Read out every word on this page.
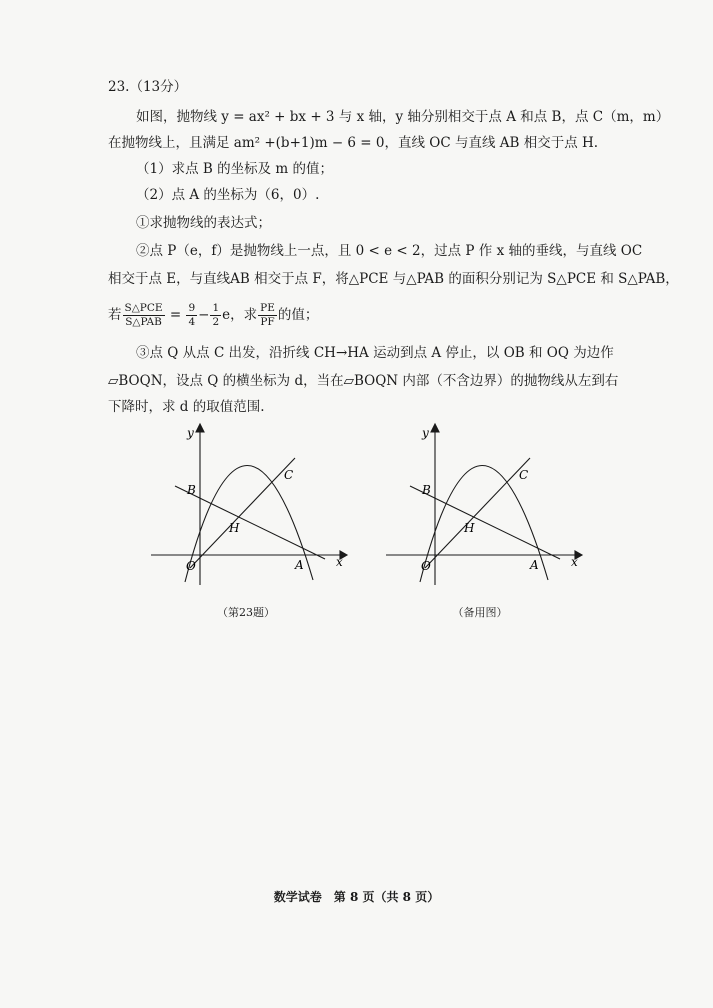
23.（13分）
如图，抛物线 y = ax² + bx + 3 与 x 轴，y 轴分别相交于点 A 和点 B，点 C（m，m）
在抛物线上，且满足 am² +(b+1)m − 6 = 0，直线 OC 与直线 AB 相交于点 H.
（1）求点 B 的坐标及 m 的值；
（2）点 A 的坐标为（6，0）.
①求抛物线的表达式；
②点 P（e，f）是抛物线上一点，且 0 < e < 2，过点 P 作 x 轴的垂线，与直线 OC
相交于点 E，与直线AB 相交于点 F，将△PCE 与△PAB 的面积分别记为 S△PCE 和 S△PAB，
若 $\frac{\text{S△PCE}}{\text{S△PAB}} = \frac{9}{4} - \frac{1}{2}$ e，求 $\frac{PE}{PF}$ 的值；
③点 Q 从点 C 出发，沿折线 CH→HA 运动到点 A 停止，以 OB 和 OQ 为边作
▱BOQN，设点 Q 的横坐标为 d，当在▱BOQN 内部（不含边界）的抛物线从左到右
下降时，求 d 的取值范围.
y
x
O	A
B
C
H
y
x
O	A
B
C
H
（第23题）	（备用图）
数学试卷　第 8 页（共 8 页）
